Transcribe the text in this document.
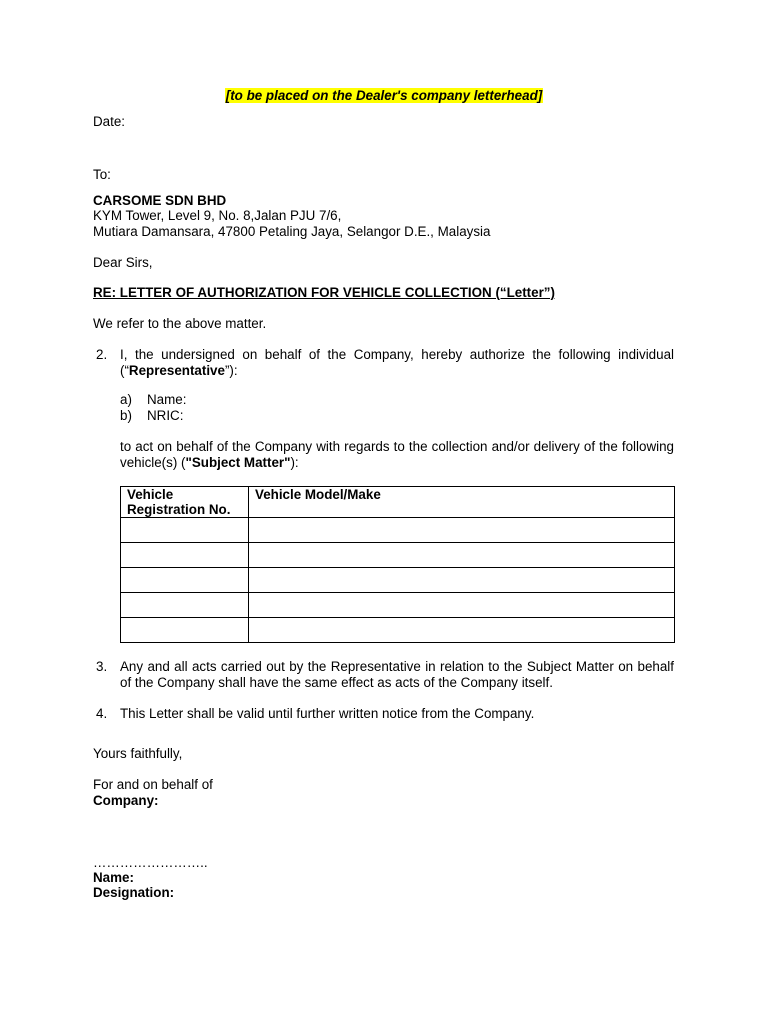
[to be placed on the Dealer's company letterhead]
Date:
To:
CARSOME SDN BHD
KYM Tower, Level 9, No. 8,Jalan PJU 7/6,
Mutiara Damansara, 47800 Petaling Jaya, Selangor D.E., Malaysia
Dear Sirs,
RE: LETTER OF AUTHORIZATION FOR VEHICLE COLLECTION (“Letter”)
We refer to the above matter.
2. I, the undersigned on behalf of the Company, hereby authorize the following individual (“Representative”):
a) Name:
b) NRIC:
to act on behalf of the Company with regards to the collection and/or delivery of the following vehicle(s) ("Subject Matter"):
Vehicle Registration No.	Vehicle Model/Make

3. Any and all acts carried out by the Representative in relation to the Subject Matter on behalf of the Company shall have the same effect as acts of the Company itself.
4. This Letter shall be valid until further written notice from the Company.
Yours faithfully,
For and on behalf of
Company:
……………………..
Name:
Designation:
